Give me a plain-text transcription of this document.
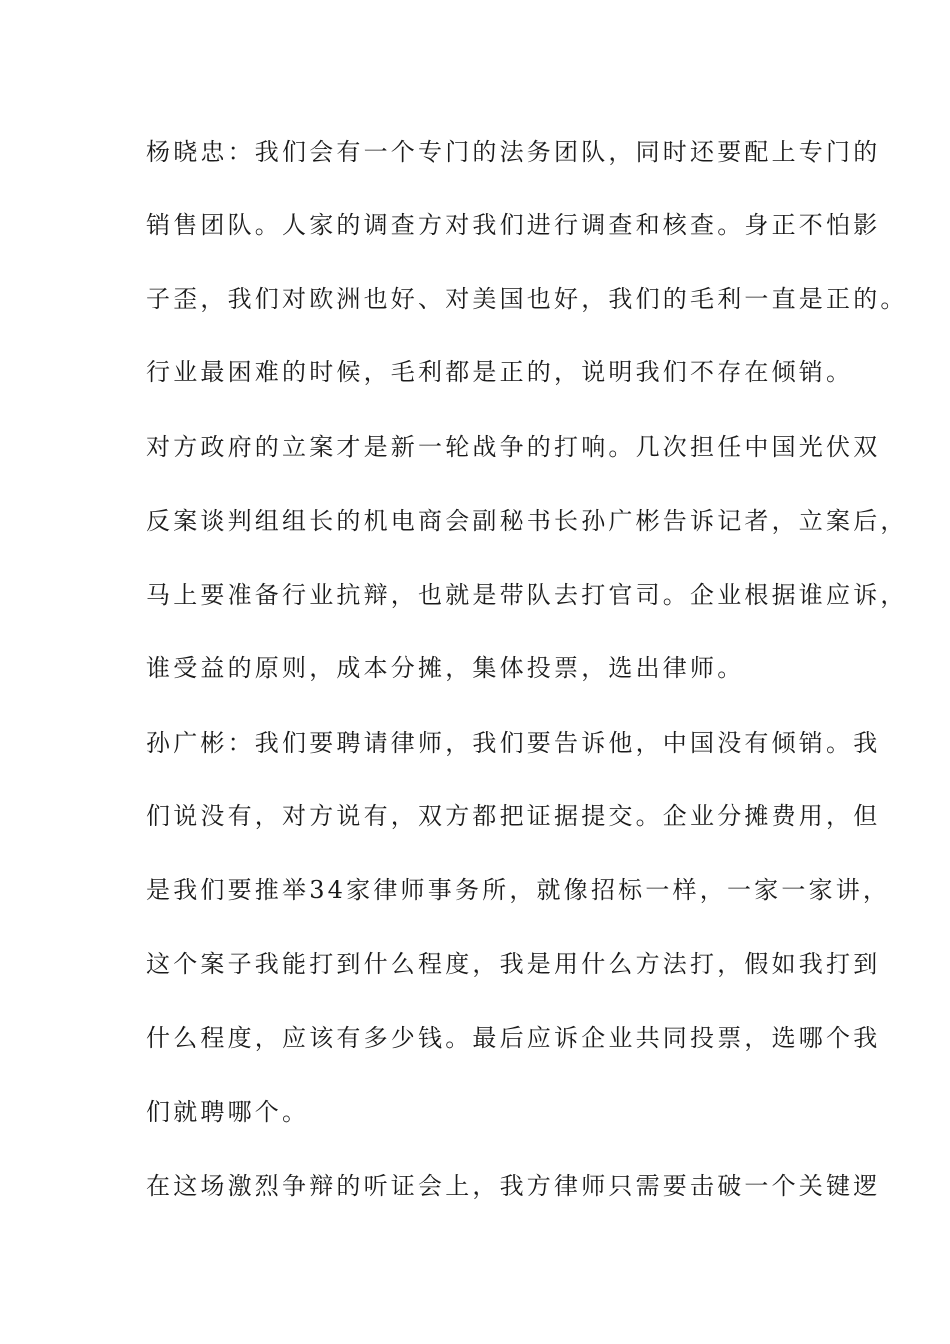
杨晓忠：我们会有一个专门的法务团队，同时还要配上专门的
销售团队。人家的调查方对我们进行调查和核查。身正不怕影
子歪，我们对欧洲也好、对美国也好，我们的毛利一直是正的。
行业最困难的时候，毛利都是正的，说明我们不存在倾销。
对方政府的立案才是新一轮战争的打响。几次担任中国光伏双
反案谈判组组长的机电商会副秘书长孙广彬告诉记者，立案后，
马上要准备行业抗辩，也就是带队去打官司。企业根据谁应诉，
谁受益的原则，成本分摊，集体投票，选出律师。
孙广彬：我们要聘请律师，我们要告诉他，中国没有倾销。我
们说没有，对方说有，双方都把证据提交。企业分摊费用，但
是我们要推举34家律师事务所，就像招标一样，一家一家讲，
这个案子我能打到什么程度，我是用什么方法打，假如我打到
什么程度，应该有多少钱。最后应诉企业共同投票，选哪个我
们就聘哪个。
在这场激烈争辩的听证会上，我方律师只需要击破一个关键逻
